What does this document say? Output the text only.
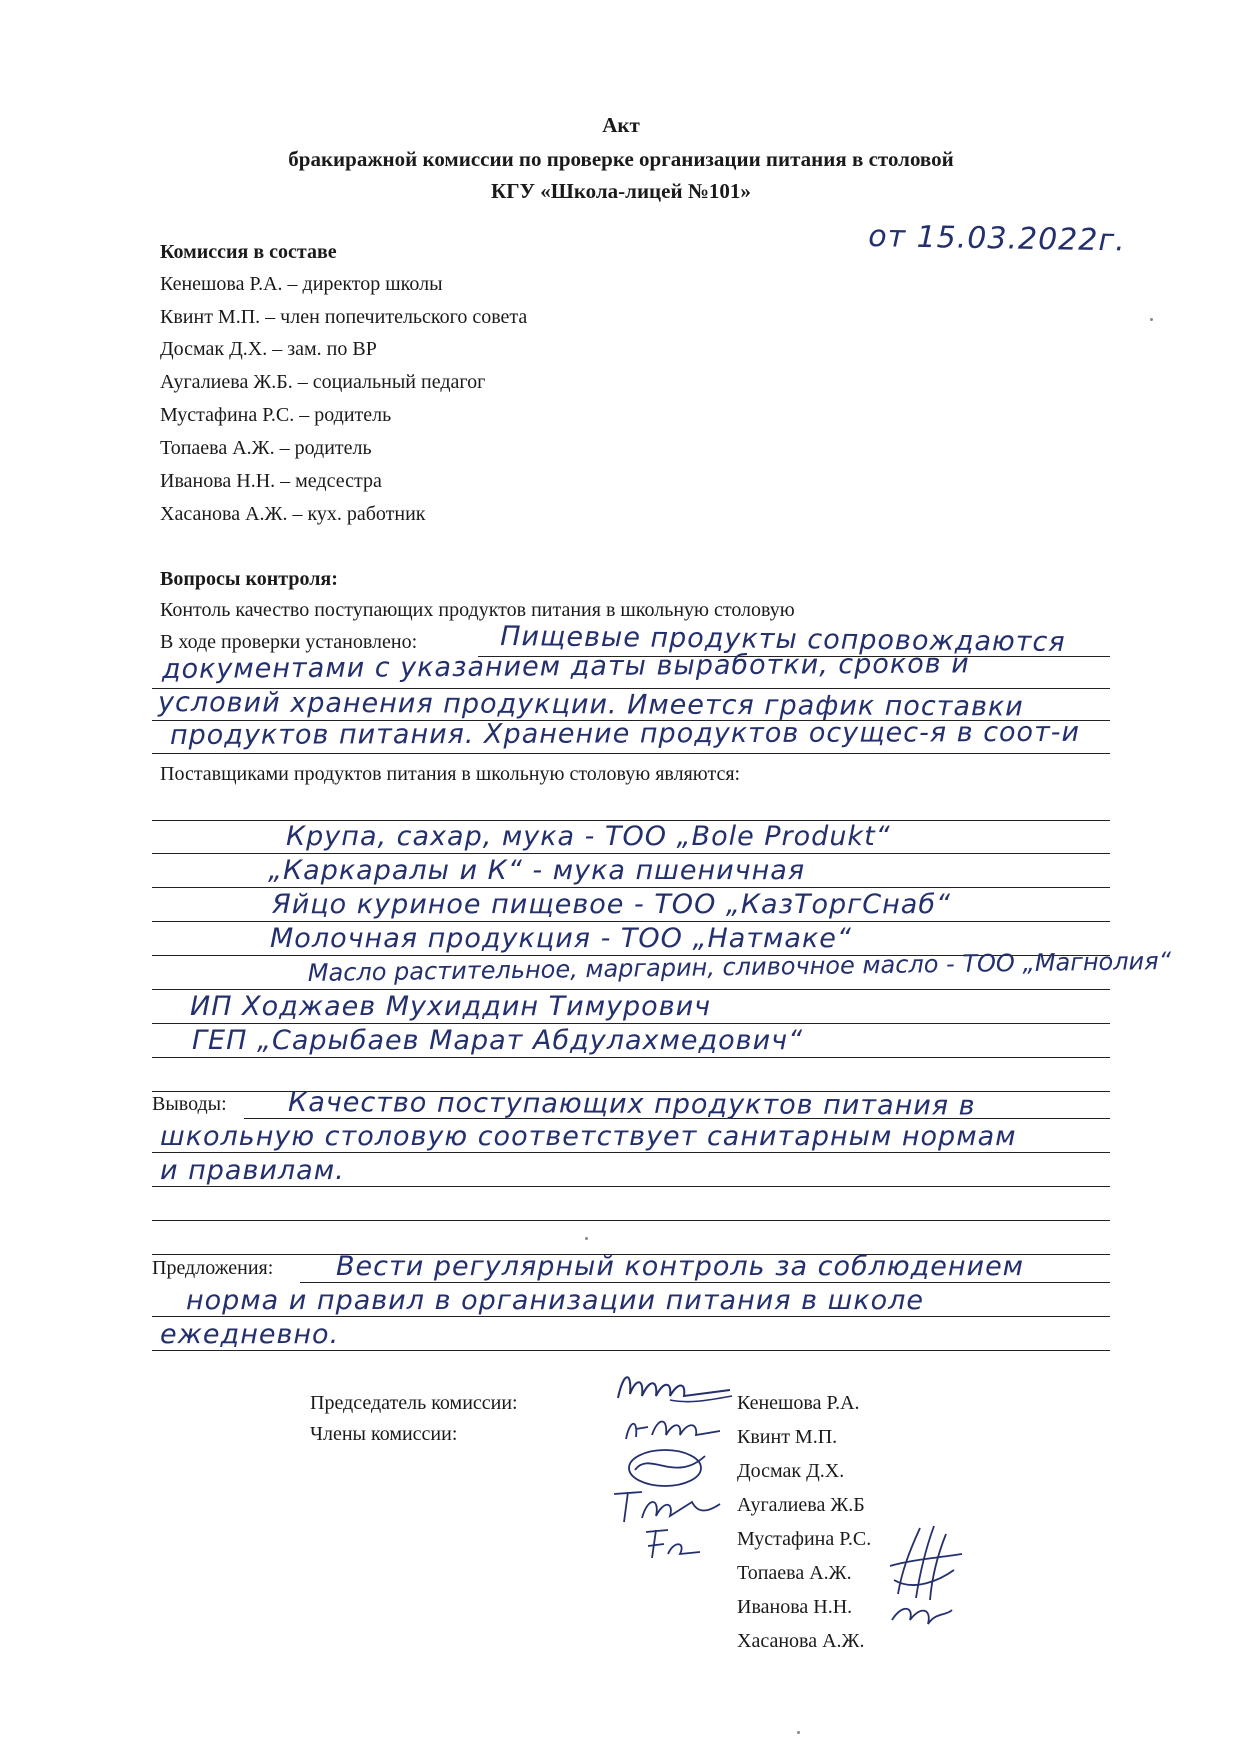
Акт
бракиражной комиссии по проверке организации питания в столовой
КГУ «Школа-лицей №101»
от 15.03.2022г.
Комиссия в составе
Кенешова Р.А. – директор школы
Квинт М.П. – член попечительского совета
Досмак Д.Х. – зам. по ВР
Аугалиева Ж.Б. – социальный педагог
Мустафина Р.С. – родитель
Топаева А.Ж. – родитель
Иванова Н.Н. – медсестра
Хасанова А.Ж. – кух. работник
Вопросы контроля:
Контоль качество поступающих продуктов питания в школьную столовую
В ходе проверки установлено:	Пищевые продукты сопровождаются
документами с указанием даты выработки, сроков и
условий хранения продукции. Имеется график поставки
продуктов питания. Хранение продуктов осущес-я в соот-и
Поставщиками продуктов питания в школьную столовую являются:
Крупа, сахар, мука - ТОО „Bole Produkt“
„Каркаралы и К“ - мука пшеничная
Яйцо куриное пищевое - ТОО „КазТоргСнаб“
Молочная продукция - ТОО „Натмаке“
Масло растительное, маргарин, сливочное масло - ТОО „Магнолия“
ИП Ходжаев Мухиддин Тимурович
ГЕП „Сарыбаев Марат Абдулахмедович“
Выводы: Качество поступающих продуктов питания в
школьную столовую соответствует санитарным нормам
и правилам.
Предложения: Вести регулярный контроль за соблюдением
норма и правил в организации питания в школе
ежедневно.
Председатель комиссии:
Члены комиссии:
Кенешова Р.А.
Квинт М.П.
Досмак Д.Х.
Аугалиева Ж.Б
Мустафина Р.С.
Топаева А.Ж.
Иванова Н.Н.
Хасанова А.Ж.
